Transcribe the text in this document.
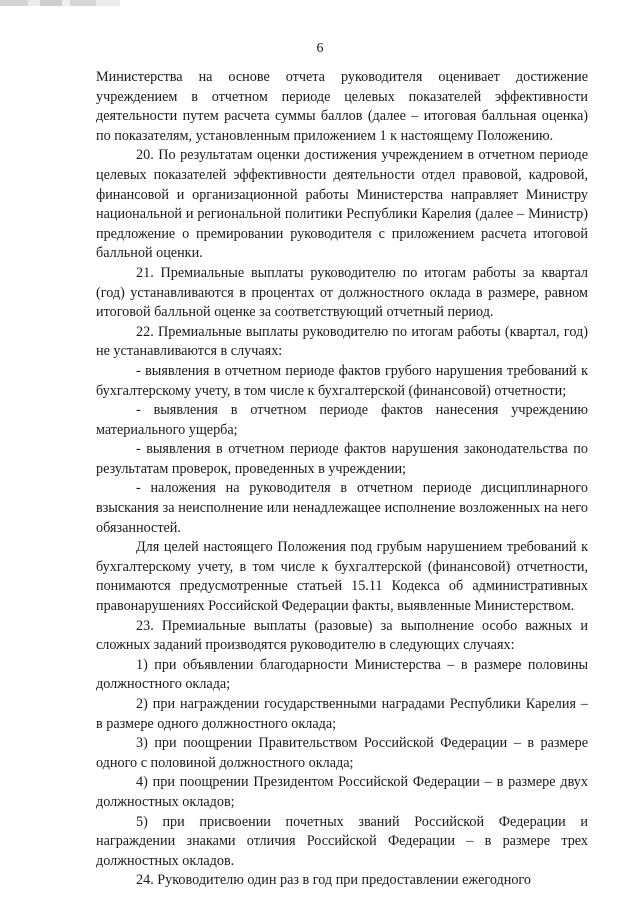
6

Министерства на основе отчета руководителя оценивает достижение учреждением в отчетном периоде целевых показателей эффективности деятельности путем расчета суммы баллов (далее – итоговая балльная оценка) по показателям, установленным приложением 1 к настоящему Положению.

20. По результатам оценки достижения учреждением в отчетном периоде целевых показателей эффективности деятельности отдел правовой, кадровой, финансовой и организационной работы Министерства направляет Министру национальной и региональной политики Республики Карелия (далее – Министр) предложение о премировании руководителя с приложением расчета итоговой балльной оценки.

21. Премиальные выплаты руководителю по итогам работы за квартал (год) устанавливаются в процентах от должностного оклада в размере, равном итоговой балльной оценке за соответствующий отчетный период.

22. Премиальные выплаты руководителю по итогам работы (квартал, год) не устанавливаются в случаях:

- выявления в отчетном периоде фактов грубого нарушения требований к бухгалтерскому учету, в том числе к бухгалтерской (финансовой) отчетности;

- выявления в отчетном периоде фактов нанесения учреждению материального ущерба;

- выявления в отчетном периоде фактов нарушения законодательства по результатам проверок, проведенных в учреждении;

- наложения на руководителя в отчетном периоде дисциплинарного взыскания за неисполнение или ненадлежащее исполнение возложенных на него обязанностей.

Для целей настоящего Положения под грубым нарушением требований к бухгалтерскому учету, в том числе к бухгалтерской (финансовой) отчетности, понимаются предусмотренные статьей 15.11 Кодекса об административных правонарушениях Российской Федерации факты, выявленные Министерством.

23. Премиальные выплаты (разовые) за выполнение особо важных и сложных заданий производятся руководителю в следующих случаях:

1) при объявлении благодарности Министерства – в размере половины должностного оклада;

2) при награждении государственными наградами Республики Карелия – в размере одного должностного оклада;

3) при поощрении Правительством Российской Федерации – в размере одного с половиной должностного оклада;

4) при поощрении Президентом Российской Федерации – в размере двух должностных окладов;

5) при присвоении почетных званий Российской Федерации и награждении знаками отличия Российской Федерации – в размере трех должностных окладов.

24. Руководителю один раз в год при предоставлении ежегодного
